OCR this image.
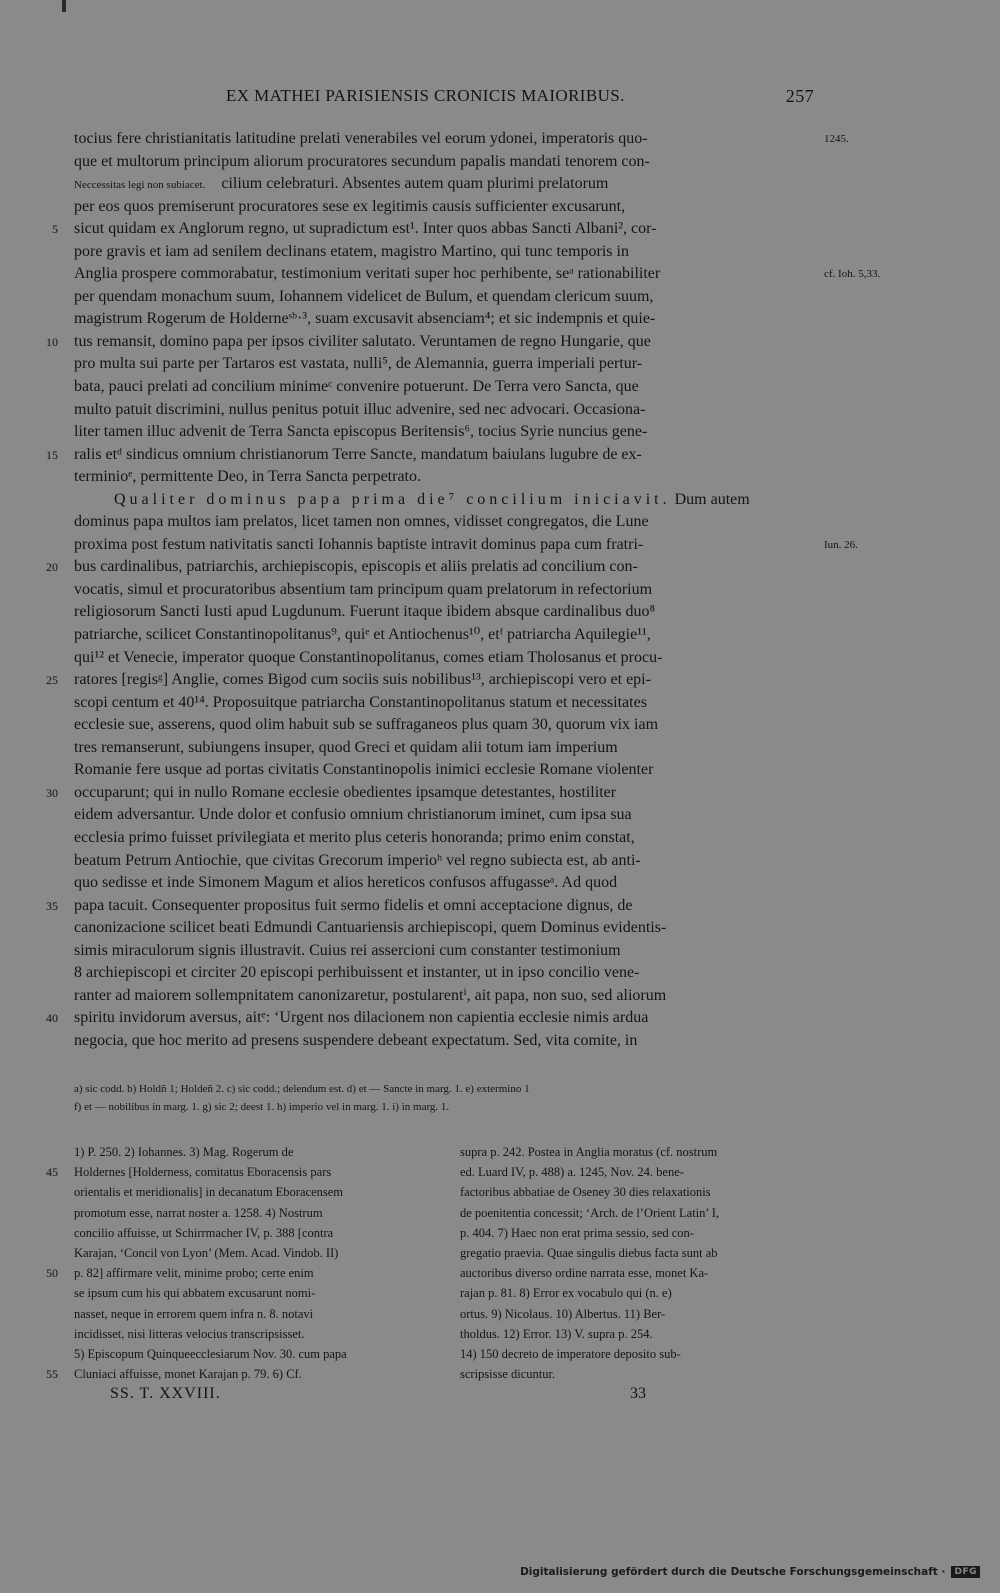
EX MATHEI PARISIENSIS CRONICIS MAIORIBUS.	257
tocius fere christianitatis latitudine prelati venerabiles vel eorum ydonei, imperatoris quo-	1245.
que et multorum principum aliorum procuratores secundum papalis mandati tenorem con-
Neccessitas legi non subiacet.  cilium celebraturi. Absentes autem quam plurimi prelatorum
per eos quos premiserunt procuratores sese ex legitimis causis sufficienter excusarunt,
5 sicut quidam ex Anglorum regno, ut supradictum est¹. Inter quos abbas Sancti Albani², cor-
pore gravis et iam ad senilem declinans etatem, magistro Martino, qui tunc temporis in
Anglia prospere commorabatur, testimonium veritati super hoc perhibente, seᵃ rationabiliter	cf. Ioh. 5,33.
per quendam monachum suum, Iohannem videlicet de Bulum, et quendam clericum suum,
magistrum Rogerum de Holderneˢᵇ·³, suam excusavit absenciam⁴; et sic indempnis et quie-
10 tus remansit, domino papa per ipsos civiliter salutato. Veruntamen de regno Hungarie, que
pro multa sui parte per Tartaros est vastata, nulli⁵, de Alemannia, guerra imperiali pertur-
bata, pauci prelati ad concilium minimeᶜ convenire potuerunt. De Terra vero Sancta, que
multo patuit discrimini, nullus penitus potuit illuc advenire, sed nec advocari. Occasiona-
liter tamen illuc advenit de Terra Sancta episcopus Beritensis⁶, tocius Syrie nuncius gene-
15 ralis etᵈ sindicus omnium christianorum Terre Sancte, mandatum baiulans lugubre de ex-
terminioᵉ, permittente Deo, in Terra Sancta perpetrato.
Qualiter dominus papa prima die⁷ concilium iniciavit. Dum autem
dominus papa multos iam prelatos, licet tamen non omnes, vidisset congregatos, die Lune
proxima post festum nativitatis sancti Iohannis baptiste intravit dominus papa cum fratri-	Iun. 26.
20 bus cardinalibus, patriarchis, archiepiscopis, episcopis et aliis prelatis ad concilium con-
vocatis, simul et procuratoribus absentium tam principum quam prelatorum in refectorium
religiosorum Sancti Iusti apud Lugdunum. Fuerunt itaque ibidem absque cardinalibus duo⁸
patriarche, scilicet Constantinopolitanus⁹, quiᵉ et Antiochenus¹⁰, etᶠ patriarcha Aquilegie¹¹,
qui¹² et Venecie, imperator quoque Constantinopolitanus, comes etiam Tholosanus et procu-
25 ratores [regisᵍ] Anglie, comes Bigod cum sociis suis nobilibus¹³, archiepiscopi vero et epi-
scopi centum et 40¹⁴. Proposuitque patriarcha Constantinopolitanus statum et necessitates
ecclesie sue, asserens, quod olim habuit sub se suffraganeos plus quam 30, quorum vix iam
tres remanserunt, subiungens insuper, quod Greci et quidam alii totum iam imperium
Romanie fere usque ad portas civitatis Constantinopolis inimici ecclesie Romane violenter
30 occuparunt; qui in nullo Romane ecclesie obedientes ipsamque detestantes, hostiliter
eidem adversantur. Unde dolor et confusio omnium christianorum iminet, cum ipsa sua
ecclesia primo fuisset privilegiata et merito plus ceteris honoranda; primo enim constat,
beatum Petrum Antiochie, que civitas Grecorum imperioʰ vel regno subiecta est, ab anti-
quo sedisse et inde Simonem Magum et alios hereticos confusos affugasseᵃ. Ad quod
35 papa tacuit. Consequenter propositus fuit sermo fidelis et omni acceptacione dignus, de
canonizacione scilicet beati Edmundi Cantuariensis archiepiscopi, quem Dominus evidentis-
simis miraculorum signis illustravit. Cuius rei assercioni cum constanter testimonium
8 archiepiscopi et circiter 20 episcopi perhibuissent et instanter, ut in ipso concilio vene-
ranter ad maiorem sollempnitatem canonizaretur, postularentⁱ, ait papa, non suo, sed aliorum
40 spiritu invidorum aversus, aitᵉ: ‘Urgent nos dilacionem non capientia ecclesie nimis ardua
negocia, que hoc merito ad presens suspendere debeant expectatum. Sed, vita comite, in
a) sic codd. b) Holdñ 1; Holdeñ 2. c) sic codd.; delendum est. d) et — Sancte in marg. 1. e) extermino 1
f) et — nobilibus in marg. 1. g) sic 2; deest 1. h) imperio vel in marg. 1. i) in marg. 1.
1) P. 250. 2) Iohannes. 3) Mag. Rogerum de
45 Holdernes [Holderness, comitatus Eboracensis pars
orientalis et meridionalis] in decanatum Eboracensem
promotum esse, narrat noster a. 1258. 4) Nostrum
concilio affuisse, ut Schirrmacher IV, p. 388 [contra
Karajan, ‘Concil von Lyon’ (Mem. Acad. Vindob. II)
50 p. 82] affirmare velit, minime probo; certe enim
se ipsum cum his qui abbatem excusarunt nomi-
nasset, neque in errorem quem infra n. 8. notavi
incidisset, nisi litteras velocius transcripsisset.
5) Episcopum Quinqueecclesiarum Nov. 30. cum papa
55 Cluniaci affuisse, monet Karajan p. 79. 6) Cf.
supra p. 242. Postea in Anglia moratus (cf. nostrum
ed. Luard IV, p. 488) a. 1245, Nov. 24. bene-
factoribus abbatiae de Oseney 30 dies relaxationis
de poenitentia concessit; ‘Arch. de l’Orient Latin’ I,
p. 404. 7) Haec non erat prima sessio, sed con-
gregatio praevia. Quae singulis diebus facta sunt ab
auctoribus diverso ordine narrata esse, monet Ka-
rajan p. 81. 8) Error ex vocabulo qui (n. e)
ortus. 9) Nicolaus. 10) Albertus. 11) Ber-
tholdus. 12) Error. 13) V. supra p. 254.
14) 150 decreto de imperatore deposito sub-
scripsisse dicuntur.
SS. T. XXVIII.	33
Digitalisierung gefördert durch die Deutsche Forschungsgemeinschaft ·	DFG
